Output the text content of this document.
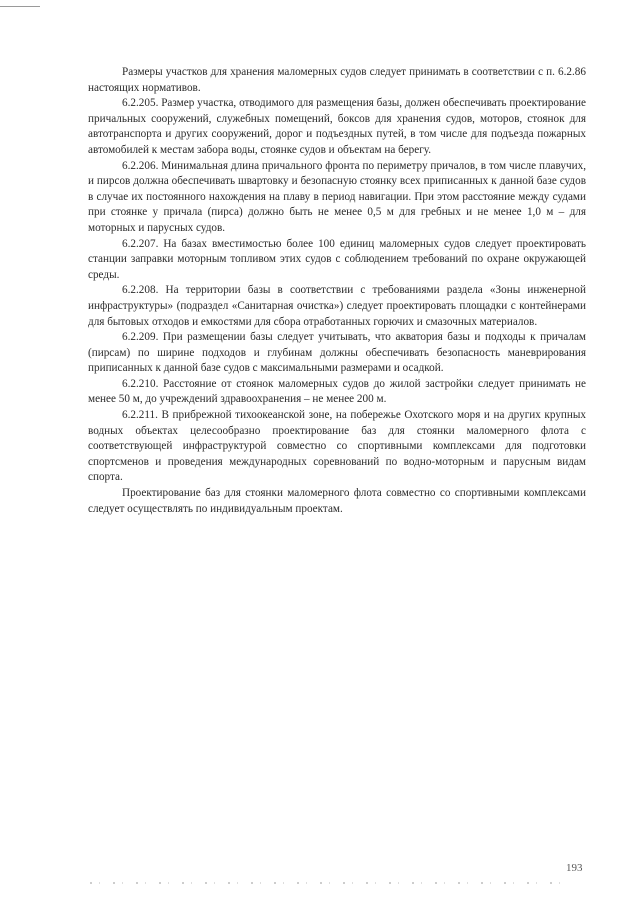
Размеры участков для хранения маломерных судов следует принимать в соответствии с п. 6.2.86 настоящих нормативов.

6.2.205. Размер участка, отводимого для размещения базы, должен обеспечивать проектирование причальных сооружений, служебных помещений, боксов для хранения судов, моторов, стоянок для автотранспорта и других сооружений, дорог и подъездных путей, в том числе для подъезда пожарных автомобилей к местам забора воды, стоянке судов и объектам на берегу.

6.2.206. Минимальная длина причального фронта по периметру причалов, в том числе плавучих, и пирсов должна обеспечивать швартовку и безопасную стоянку всех приписанных к данной базе судов в случае их постоянного нахождения на плаву в период навигации. При этом расстояние между судами при стоянке у причала (пирса) должно быть не менее 0,5 м для гребных и не менее 1,0 м – для моторных и парусных судов.

6.2.207. На базах вместимостью более 100 единиц маломерных судов следует проектировать станции заправки моторным топливом этих судов с соблюдением требований по охране окружающей среды.

6.2.208. На территории базы в соответствии с требованиями раздела «Зоны инженерной инфраструктуры» (подраздел «Санитарная очистка») следует проектировать площадки с контейнерами для бытовых отходов и емкостями для сбора отработанных горючих и смазочных материалов.

6.2.209. При размещении базы следует учитывать, что акватория базы и подходы к причалам (пирсам) по ширине подходов и глубинам должны обеспечивать безопасность маневрирования приписанных к данной базе судов с максимальными размерами и осадкой.

6.2.210. Расстояние от стоянок маломерных судов до жилой застройки следует принимать не менее 50 м, до учреждений здравоохранения – не менее 200 м.

6.2.211. В прибрежной тихоокеанской зоне, на побережье Охотского моря и на других крупных водных объектах целесообразно проектирование баз для стоянки маломерного флота с соответствующей инфраструктурой совместно со спортивными комплексами для подготовки спортсменов и проведения международных соревнований по водно-моторным и парусным видам спорта.

Проектирование баз для стоянки маломерного флота совместно со спортивными комплексами следует осуществлять по индивидуальным проектам.

193
